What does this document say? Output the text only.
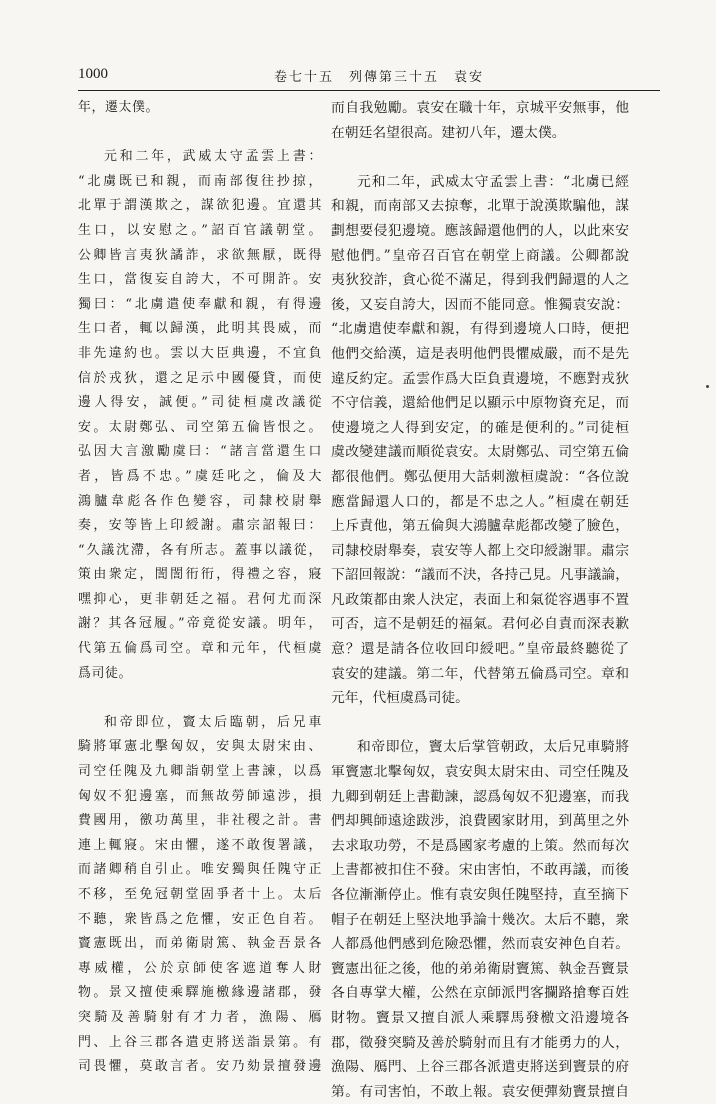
1000	卷七十五　列傳第三十五　袁安
年，遷太僕。
元和二年，武威太守孟雲上書：
“北虜既已和親，而南部復往抄掠，
北單于謂漢欺之，謀欲犯邊。宜還其
生口，以安慰之。”詔百官議朝堂。
公卿皆言夷狄譎詐，求欲無厭，既得
生口，當復妄自誇大，不可開許。安
獨曰：“北虜遣使奉獻和親，有得邊
生口者，輒以歸漢，此明其畏威，而
非先違約也。雲以大臣典邊，不宜負
信於戎狄，還之足示中國優貸，而使
邊人得安，誠便。”司徒桓虞改議從
安。太尉鄭弘、司空第五倫皆恨之。
弘因大言激勵虞曰：“諸言當還生口
者，皆爲不忠。”虞廷叱之，倫及大
鴻臚韋彪各作色變容，司隸校尉舉
奏，安等皆上印綬謝。肅宗詔報曰：
“久議沈滯，各有所志。蓋事以議從，
策由衆定，誾誾衎衎，得禮之容，寢
嘿抑心，更非朝廷之福。君何尤而深
謝？其各冠履。”帝竟從安議。明年，
代第五倫爲司空。章和元年，代桓虞
爲司徒。
和帝即位，竇太后臨朝，后兄車
騎將軍憲北擊匈奴，安與太尉宋由、
司空任隗及九卿詣朝堂上書諫，以爲
匈奴不犯邊塞，而無故勞師遠涉，損
費國用，徼功萬里，非社稷之計。書
連上輒寢。宋由懼，遂不敢復署議，
而諸卿稍自引止。唯安獨與任隗守正
不移，至免冠朝堂固爭者十上。太后
不聽，衆皆爲之危懼，安正色自若。
竇憲既出，而弟衛尉篤、執金吾景各
專威權，公於京師使客遮道奪人財
物。景又擅使乘驛施檄緣邊諸郡，發
突騎及善騎射有才力者，漁陽、鴈
門、上谷三郡各遣吏將送詣景第。有
司畏懼，莫敢言者。安乃劾景擅發邊
而自我勉勵。袁安在職十年，京城平安無事，他
在朝廷名望很高。建初八年，遷太僕。
元和二年，武威太守孟雲上書：“北虜已經
和親，而南部又去掠奪，北單于說漢欺騙他，謀
劃想要侵犯邊境。應該歸還他們的人，以此來安
慰他們。”皇帝召百官在朝堂上商議。公卿都說
夷狄狡詐，貪心從不滿足，得到我們歸還的人之
後，又妄自誇大，因而不能同意。惟獨袁安說：
“北虜遣使奉獻和親，有得到邊境人口時，便把
他們交給漢，這是表明他們畏懼威嚴，而不是先
違反約定。孟雲作爲大臣負責邊境，不應對戎狄
不守信義，還給他們足以顯示中原物資充足，而
使邊境之人得到安定，的確是便利的。”司徒桓
虞改變建議而順從袁安。太尉鄭弘、司空第五倫
都很他們。鄭弘便用大話刺激桓虞說：“各位說
應當歸還人口的，都是不忠之人。”桓虞在朝廷
上斥責他，第五倫與大鴻臚韋彪都改變了臉色，
司隸校尉舉奏，袁安等人都上交印綬謝罪。肅宗
下詔回報說：“議而不決，各持己見。凡事議論，
凡政策都由衆人決定，表面上和氣從容遇事不置
可否，這不是朝廷的福氣。君何必自責而深表歉
意？還是請各位收回印綬吧。”皇帝最終聽從了
袁安的建議。第二年，代替第五倫爲司空。章和
元年，代桓虞爲司徒。
和帝即位，竇太后掌管朝政，太后兄車騎將
軍竇憲北擊匈奴，袁安與太尉宋由、司空任隗及
九卿到朝廷上書勸諫，認爲匈奴不犯邊塞，而我
們却興師遠途跋涉，浪費國家財用，到萬里之外
去求取功勞，不是爲國家考慮的上策。然而每次
上書都被扣住不發。宋由害怕，不敢再議，而後
各位漸漸停止。惟有袁安與任隗堅持，直至摘下
帽子在朝廷上堅決地爭論十幾次。太后不聽，衆
人都爲他們感到危險恐懼，然而袁安神色自若。
竇憲出征之後，他的弟弟衛尉竇篤、執金吾竇景
各自專掌大權，公然在京師派門客攔路搶奪百姓
財物。竇景又擅自派人乘驛馬發檄文沿邊境各
郡，徵發突騎及善於騎射而且有才能勇力的人，
漁陽、鴈門、上谷三郡各派遣吏將送到竇景的府
第。有司害怕，不敢上報。袁安便彈劾竇景擅自
